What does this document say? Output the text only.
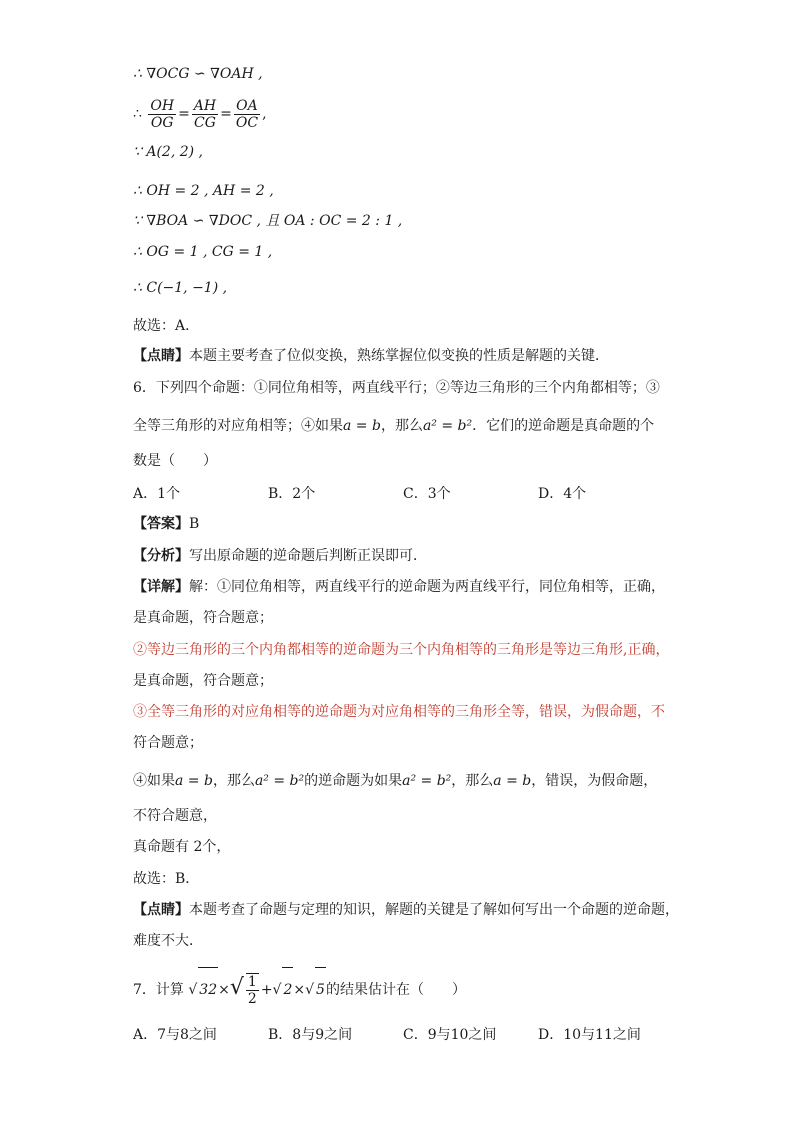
∴ ∇OCG ∽ ∇OAH ,
∴ $\frac{OH}{OG} = \frac{AH}{CG} = \frac{OA}{OC}$ ,
∵ A(2, 2) ,
∴ OH = 2 , AH = 2 ,
∵ ∇BOA ∽ ∇DOC , 且 OA : OC = 2 : 1 ,
∴ OG = 1 , CG = 1 ,
∴ C(−1, −1) ,
故选：A．
【点睛】本题主要考查了位似变换，熟练掌握位似变换的性质是解题的关键．
6．下列四个命题：①同位角相等，两直线平行；②等边三角形的三个内角都相等；③
全等三角形的对应角相等；④如果a = b，那么a² = b²．它们的逆命题是真命题的个
数是（　　）
A．1个	B．2个	C．3个	D．4个
【答案】B
【分析】写出原命题的逆命题后判断正误即可．
【详解】解：①同位角相等，两直线平行的逆命题为两直线平行，同位角相等，正确，
是真命题，符合题意；
②等边三角形的三个内角都相等的逆命题为三个内角相等的三角形是等边三角形,正确，
是真命题，符合题意；
③全等三角形的对应角相等的逆命题为对应角相等的三角形全等，错误，为假命题，不
符合题意；
④如果a = b，那么a² = b²的逆命题为如果a² = b²，那么a = b，错误，为假命题，
不符合题意，
真命题有 2个，
故选：B．
【点睛】本题考查了命题与定理的知识，解题的关键是了解如何写出一个命题的逆命题，
难度不大．
7．计算 √ $32\times√ \frac{1}{2}$ +√ 2×√ 5的结果估计在（　　）
A．7与8之间	B．8与9之间	C．9与10之间	D．10与11之间
